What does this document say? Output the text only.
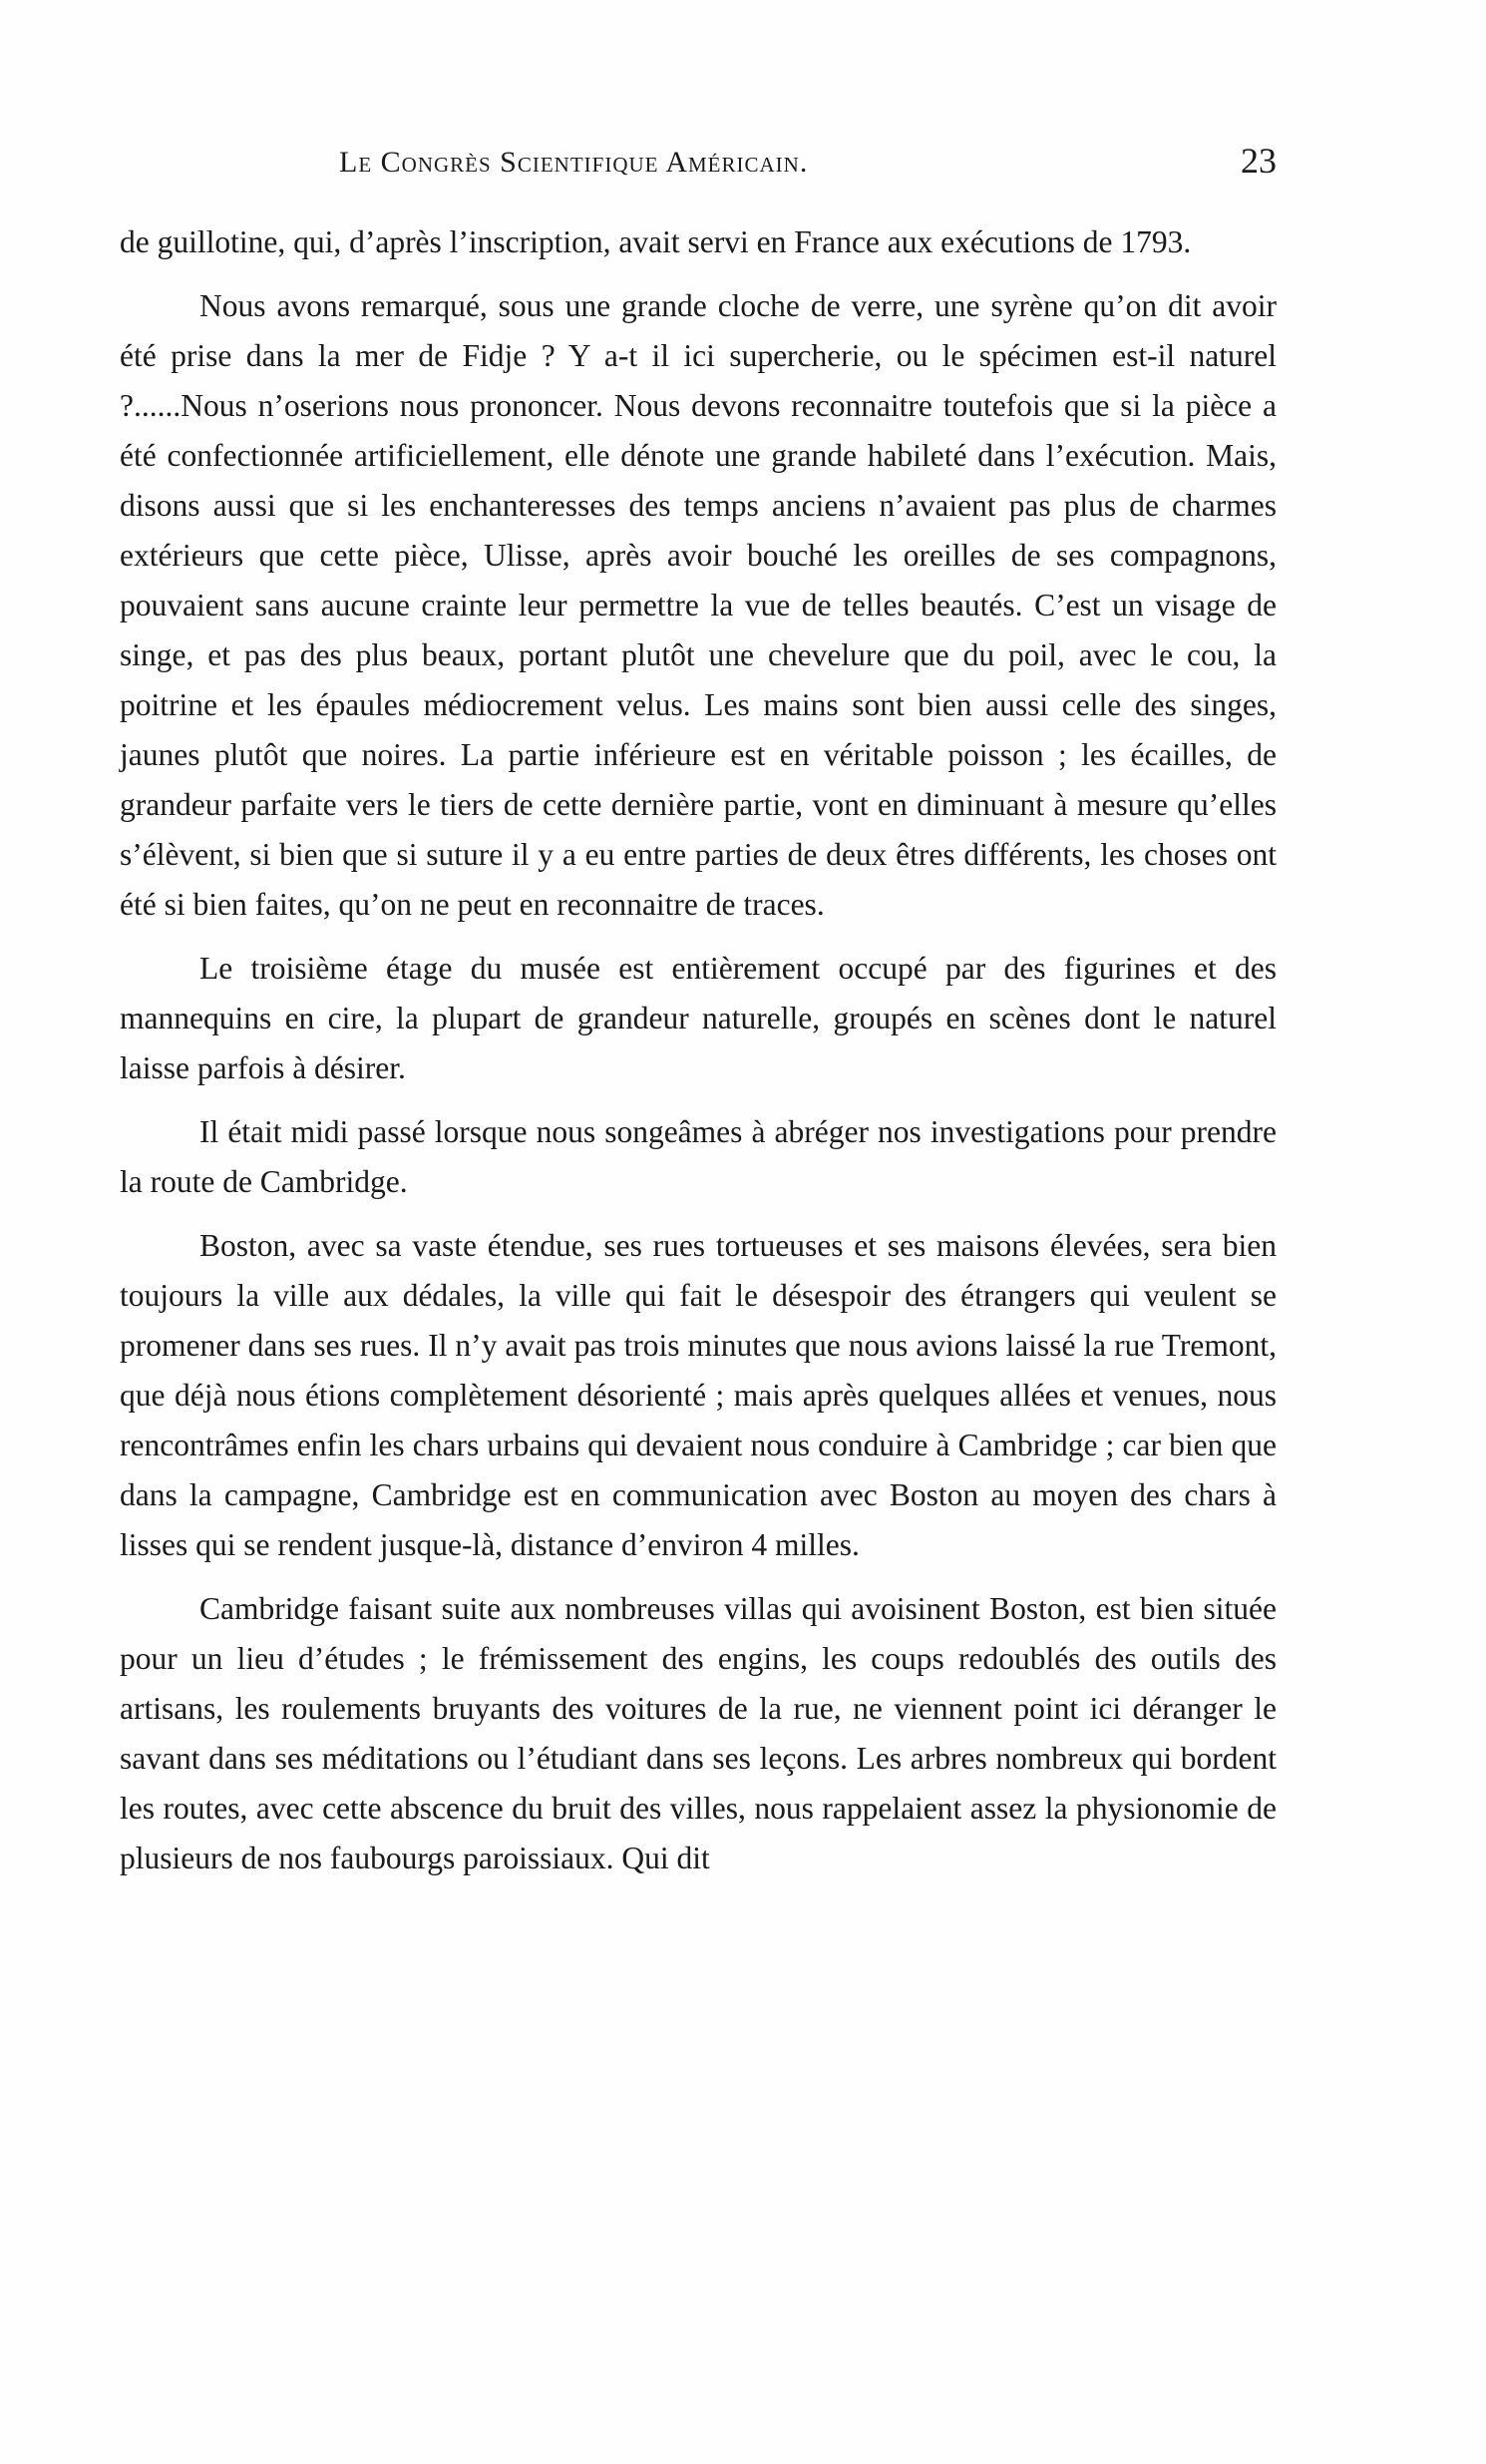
Le Congrès Scientifique Américain.	23

de guillotine, qui, d’après l’inscription, avait servi en France aux exécutions de 1793.

Nous avons remarqué, sous une grande cloche de verre, une syrène qu’on dit avoir été prise dans la mer de Fidje ? Y a-t il ici supercherie, ou le spécimen est-il naturel ?......Nous n’oserions nous prononcer. Nous devons reconnaitre toutefois que si la pièce a été confectionnée artificiellement, elle dénote une grande habileté dans l’exécution. Mais, disons aussi que si les enchanteresses des temps anciens n’avaient pas plus de charmes extérieurs que cette pièce, Ulisse, après avoir bouché les oreilles de ses compagnons, pouvaient sans aucune crainte leur permettre la vue de telles beautés. C’est un visage de singe, et pas des plus beaux, portant plutôt une chevelure que du poil, avec le cou, la poitrine et les épaules médiocrement velus. Les mains sont bien aussi celle des singes, jaunes plutôt que noires. La partie inférieure est en véritable poisson ; les écailles, de grandeur parfaite vers le tiers de cette dernière partie, vont en diminuant à mesure qu’elles s’élèvent, si bien que si suture il y a eu entre parties de deux êtres différents, les choses ont été si bien faites, qu’on ne peut en reconnaitre de traces.

Le troisième étage du musée est entièrement occupé par des figurines et des mannequins en cire, la plupart de grandeur naturelle, groupés en scènes dont le naturel laisse parfois à désirer.

Il était midi passé lorsque nous songeâmes à abréger nos investigations pour prendre la route de Cambridge.

Boston, avec sa vaste étendue, ses rues tortueuses et ses maisons élevées, sera bien toujours la ville aux dédales, la ville qui fait le désespoir des étrangers qui veulent se promener dans ses rues. Il n’y avait pas trois minutes que nous avions laissé la rue Tremont, que déjà nous étions complètement désorienté ; mais après quelques allées et venues, nous rencontrâmes enfin les chars urbains qui devaient nous conduire à Cambridge ; car bien que dans la campagne, Cambridge est en communication avec Boston au moyen des chars à lisses qui se rendent jusque-là, distance d’environ 4 milles.

Cambridge faisant suite aux nombreuses villas qui avoisinent Boston, est bien située pour un lieu d’études ; le frémissement des engins, les coups redoublés des outils des artisans, les roulements bruyants des voitures de la rue, ne viennent point ici déranger le savant dans ses méditations ou l’étudiant dans ses leçons. Les arbres nombreux qui bordent les routes, avec cette abscence du bruit des villes, nous rappelaient assez la physionomie de plusieurs de nos faubourgs paroissiaux. Qui dit
